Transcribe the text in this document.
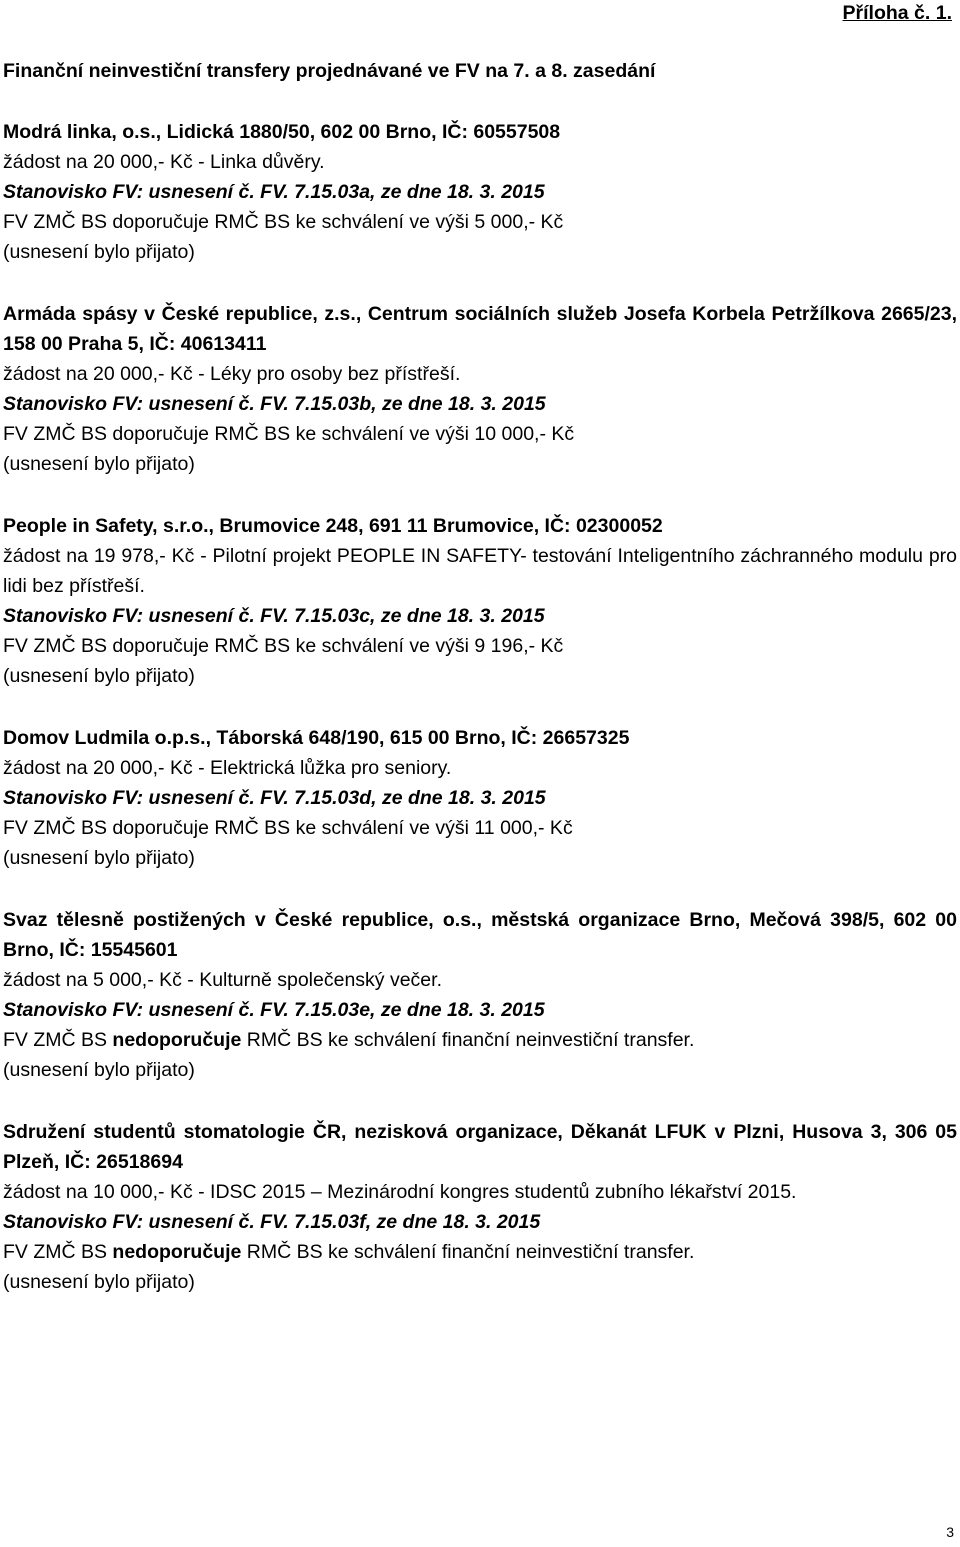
Příloha č. 1.
Finanční neinvestiční transfery projednávané ve FV na 7. a 8. zasedání
Modrá linka, o.s., Lidická 1880/50, 602 00 Brno, IČ: 60557508
žádost na 20 000,- Kč - Linka důvěry.
Stanovisko FV: usnesení č. FV. 7.15.03a, ze dne 18. 3. 2015
FV ZMČ BS doporučuje RMČ BS ke schválení ve výši 5 000,- Kč
(usnesení bylo přijato)
Armáda spásy v České republice, z.s., Centrum sociálních služeb Josefa Korbela Petržílkova 2665/23, 158 00 Praha 5, IČ: 40613411
žádost na 20 000,- Kč - Léky pro osoby bez přístřeší.
Stanovisko FV: usnesení č. FV. 7.15.03b, ze dne 18. 3. 2015
FV ZMČ BS doporučuje RMČ BS ke schválení ve výši 10 000,- Kč
(usnesení bylo přijato)
People in Safety, s.r.o., Brumovice 248, 691 11 Brumovice, IČ: 02300052
žádost na 19 978,- Kč - Pilotní projekt PEOPLE IN SAFETY- testování Inteligentního záchranného modulu pro lidi bez přístřeší.
Stanovisko FV: usnesení č. FV. 7.15.03c, ze dne 18. 3. 2015
FV ZMČ BS doporučuje RMČ BS ke schválení ve výši 9 196,- Kč
(usnesení bylo přijato)
Domov Ludmila o.p.s., Táborská 648/190, 615 00 Brno, IČ: 26657325
žádost na 20 000,- Kč - Elektrická lůžka pro seniory.
Stanovisko FV: usnesení č. FV. 7.15.03d, ze dne 18. 3. 2015
FV ZMČ BS doporučuje RMČ BS ke schválení ve výši 11 000,- Kč
(usnesení bylo přijato)
Svaz tělesně postižených v České republice, o.s., městská organizace Brno, Mečová 398/5, 602 00 Brno, IČ: 15545601
žádost na 5 000,- Kč - Kulturně společenský večer.
Stanovisko FV: usnesení č. FV. 7.15.03e, ze dne 18. 3. 2015
FV ZMČ BS nedoporučuje RMČ BS ke schválení finanční neinvestiční transfer.
(usnesení bylo přijato)
Sdružení studentů stomatologie ČR, nezisková organizace, Děkanát LFUK v Plzni, Husova 3, 306 05 Plzeň, IČ: 26518694
žádost na 10 000,- Kč - IDSC 2015 – Mezinárodní kongres studentů zubního lékařství 2015.
Stanovisko FV: usnesení č. FV. 7.15.03f, ze dne 18. 3. 2015
FV ZMČ BS nedoporučuje RMČ BS ke schválení finanční neinvestiční transfer.
(usnesení bylo přijato)
3
